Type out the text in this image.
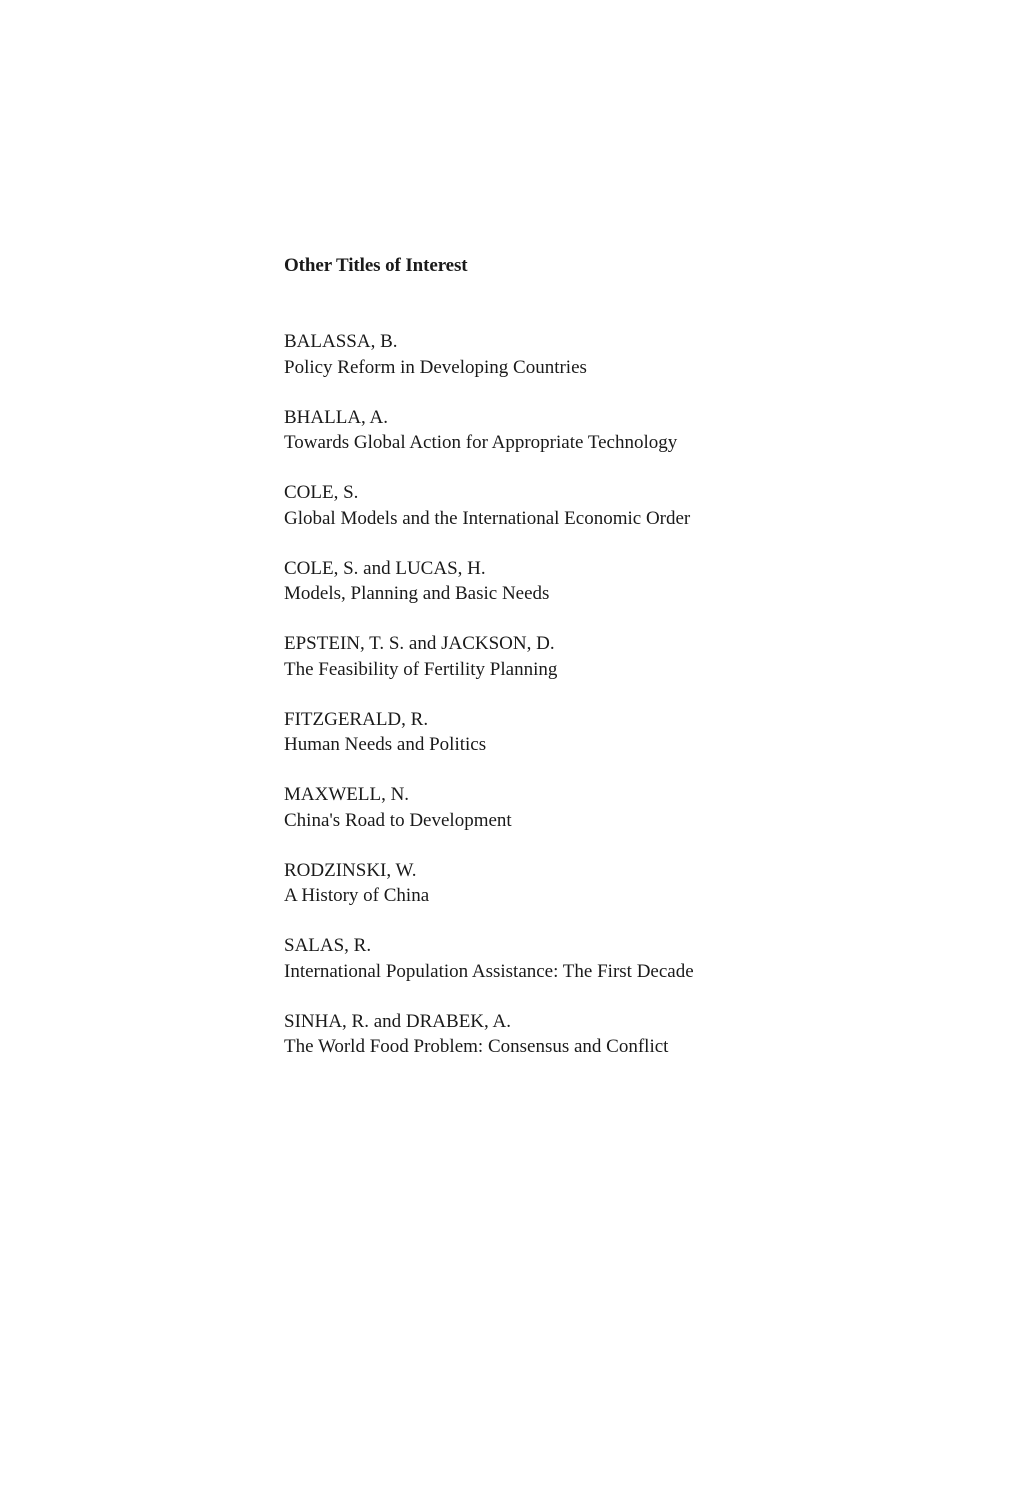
Other Titles of Interest
BALASSA, B.
Policy Reform in Developing Countries
BHALLA, A.
Towards Global Action for Appropriate Technology
COLE, S.
Global Models and the International Economic Order
COLE, S. and LUCAS, H.
Models, Planning and Basic Needs
EPSTEIN, T. S. and JACKSON, D.
The Feasibility of Fertility Planning
FITZGERALD, R.
Human Needs and Politics
MAXWELL, N.
China's Road to Development
RODZINSKI, W.
A History of China
SALAS, R.
International Population Assistance: The First Decade
SINHA, R. and DRABEK, A.
The World Food Problem: Consensus and Conflict
